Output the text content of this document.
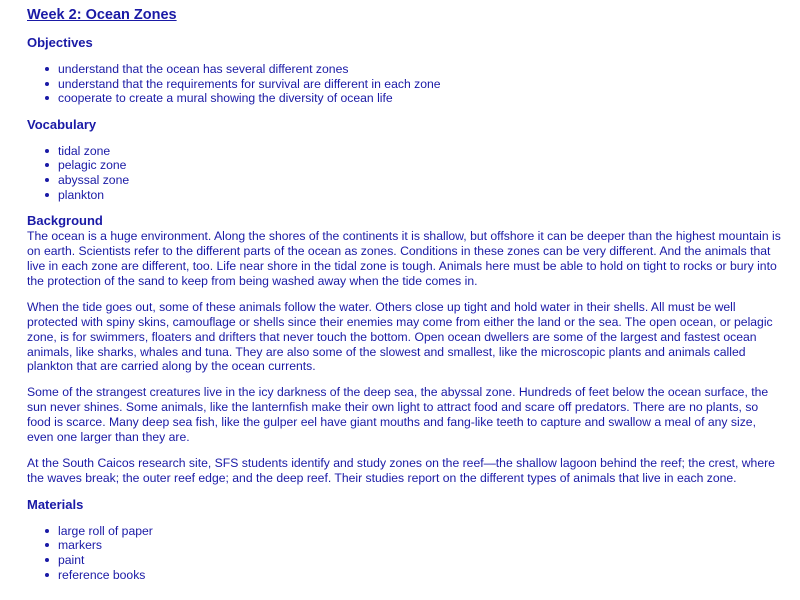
Week 2: Ocean Zones
Objectives
understand that the ocean has several different zones
understand that the requirements for survival are different in each zone
cooperate to create a mural showing the diversity of ocean life
Vocabulary
tidal zone
pelagic zone
abyssal zone
plankton
Background

The ocean is a huge environment. Along the shores of the continents it is shallow, but offshore it can be deeper than the highest mountain is on earth. Scientists refer to the different parts of the ocean as zones. Conditions in these zones can be very different. And the animals that live in each zone are different, too. Life near shore in the tidal zone is tough. Animals here must be able to hold on tight to rocks or bury into the protection of the sand to keep from being washed away when the tide comes in.

When the tide goes out, some of these animals follow the water. Others close up tight and hold water in their shells. All must be well protected with spiny skins, camouflage or shells since their enemies may come from either the land or the sea. The open ocean, or pelagic zone, is for swimmers, floaters and drifters that never touch the bottom. Open ocean dwellers are some of the largest and fastest ocean animals, like sharks, whales and tuna. They are also some of the slowest and smallest, like the microscopic plants and animals called plankton that are carried along by the ocean currents.

Some of the strangest creatures live in the icy darkness of the deep sea, the abyssal zone. Hundreds of feet below the ocean surface, the sun never shines. Some animals, like the lanternfish make their own light to attract food and scare off predators. There are no plants, so food is scarce. Many deep sea fish, like the gulper eel have giant mouths and fang-like teeth to capture and swallow a meal of any size, even one larger than they are.

At the South Caicos research site, SFS students identify and study zones on the reef—the shallow lagoon behind the reef; the crest, where the waves break; the outer reef edge; and the deep reef. Their studies report on the different types of animals that live in each zone.

Materials
large roll of paper
markers
paint
reference books
